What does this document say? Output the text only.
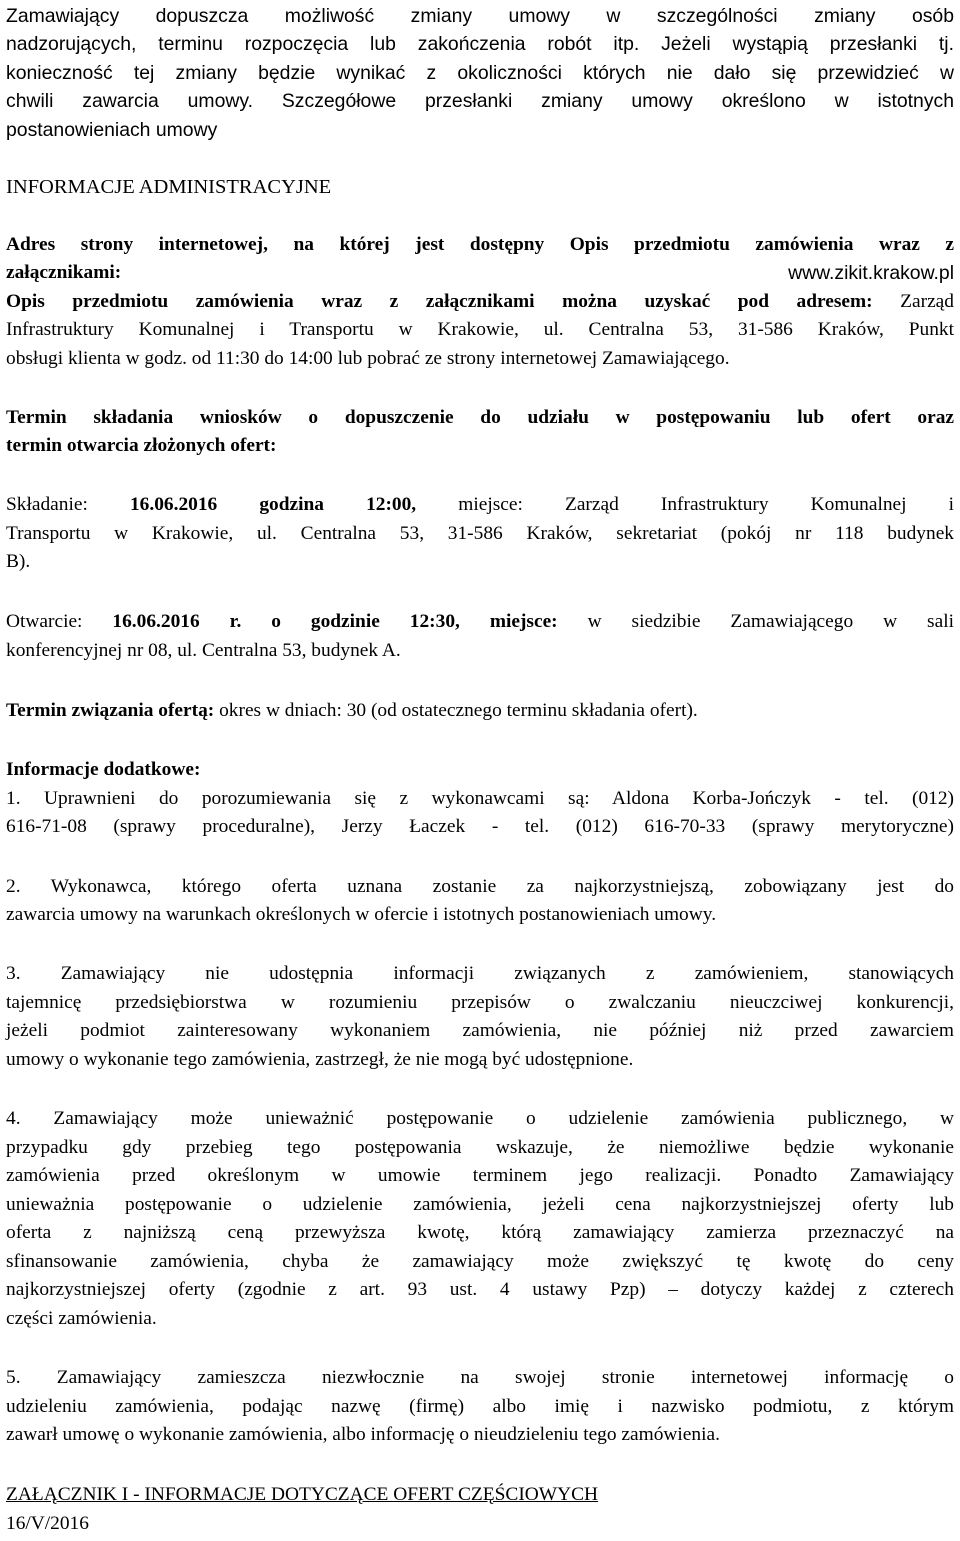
Zamawiający dopuszcza możliwość zmiany umowy w szczególności zmiany osób
nadzorujących, terminu rozpoczęcia lub zakończenia robót itp. Jeżeli wystąpią przesłanki tj.
konieczność tej zmiany będzie wynikać z okoliczności których nie dało się przewidzieć w
chwili zawarcia umowy. Szczegółowe przesłanki zmiany umowy określono w istotnych
postanowieniach umowy
INFORMACJE ADMINISTRACYJNE
Adres strony internetowej, na której jest dostępny Opis przedmiotu zamówienia wraz z
załącznikami:	www.zikit.krakow.pl
Opis przedmiotu zamówienia wraz z załącznikami można uzyskać pod adresem: Zarząd
Infrastruktury Komunalnej i Transportu w Krakowie, ul. Centralna 53, 31-586 Kraków, Punkt
obsługi klienta w godz. od 11:30 do 14:00 lub pobrać ze strony internetowej Zamawiającego.
Termin składania wniosków o dopuszczenie do udziału w postępowaniu lub ofert oraz
termin otwarcia złożonych ofert:
Składanie: 16.06.2016 godzina 12:00, miejsce: Zarząd Infrastruktury Komunalnej i
Transportu w Krakowie, ul. Centralna 53, 31-586 Kraków, sekretariat (pokój nr 118 budynek
B).
Otwarcie: 16.06.2016 r. o godzinie 12:30, miejsce: w siedzibie Zamawiającego w sali
konferencyjnej nr 08, ul. Centralna 53, budynek A.
Termin związania ofertą: okres w dniach: 30 (od ostatecznego terminu składania ofert).
Informacje dodatkowe:
1. Uprawnieni do porozumiewania się z wykonawcami są: Aldona Korba-Jończyk - tel. (012)
616-71-08 (sprawy proceduralne), Jerzy Łaczek - tel. (012) 616-70-33 (sprawy merytoryczne)
2. Wykonawca, którego oferta uznana zostanie za najkorzystniejszą, zobowiązany jest do
zawarcia umowy na warunkach określonych w ofercie i istotnych postanowieniach umowy.
3. Zamawiający nie udostępnia informacji związanych z zamówieniem, stanowiących
tajemnicę przedsiębiorstwa w rozumieniu przepisów o zwalczaniu nieuczciwej konkurencji,
jeżeli podmiot zainteresowany wykonaniem zamówienia, nie później niż przed zawarciem
umowy o wykonanie tego zamówienia, zastrzegł, że nie mogą być udostępnione.
4. Zamawiający może unieważnić postępowanie o udzielenie zamówienia publicznego, w
przypadku gdy przebieg tego postępowania wskazuje, że niemożliwe będzie wykonanie
zamówienia przed określonym w umowie terminem jego realizacji. Ponadto Zamawiający
unieważnia postępowanie o udzielenie zamówienia, jeżeli cena najkorzystniejszej oferty lub
oferta z najniższą ceną przewyższa kwotę, którą zamawiający zamierza przeznaczyć na
sfinansowanie zamówienia, chyba że zamawiający może zwiększyć tę kwotę do ceny
najkorzystniejszej oferty (zgodnie z art. 93 ust. 4 ustawy Pzp) – dotyczy każdej z czterech
części zamówienia.
5. Zamawiający zamieszcza niezwłocznie na swojej stronie internetowej informację o
udzieleniu zamówienia, podając nazwę (firmę) albo imię i nazwisko podmiotu, z którym
zawarł umowę o wykonanie zamówienia, albo informację o nieudzieleniu tego zamówienia.
ZAŁĄCZNIK I - INFORMACJE DOTYCZĄCE OFERT CZĘŚCIOWYCH
16/V/2016
